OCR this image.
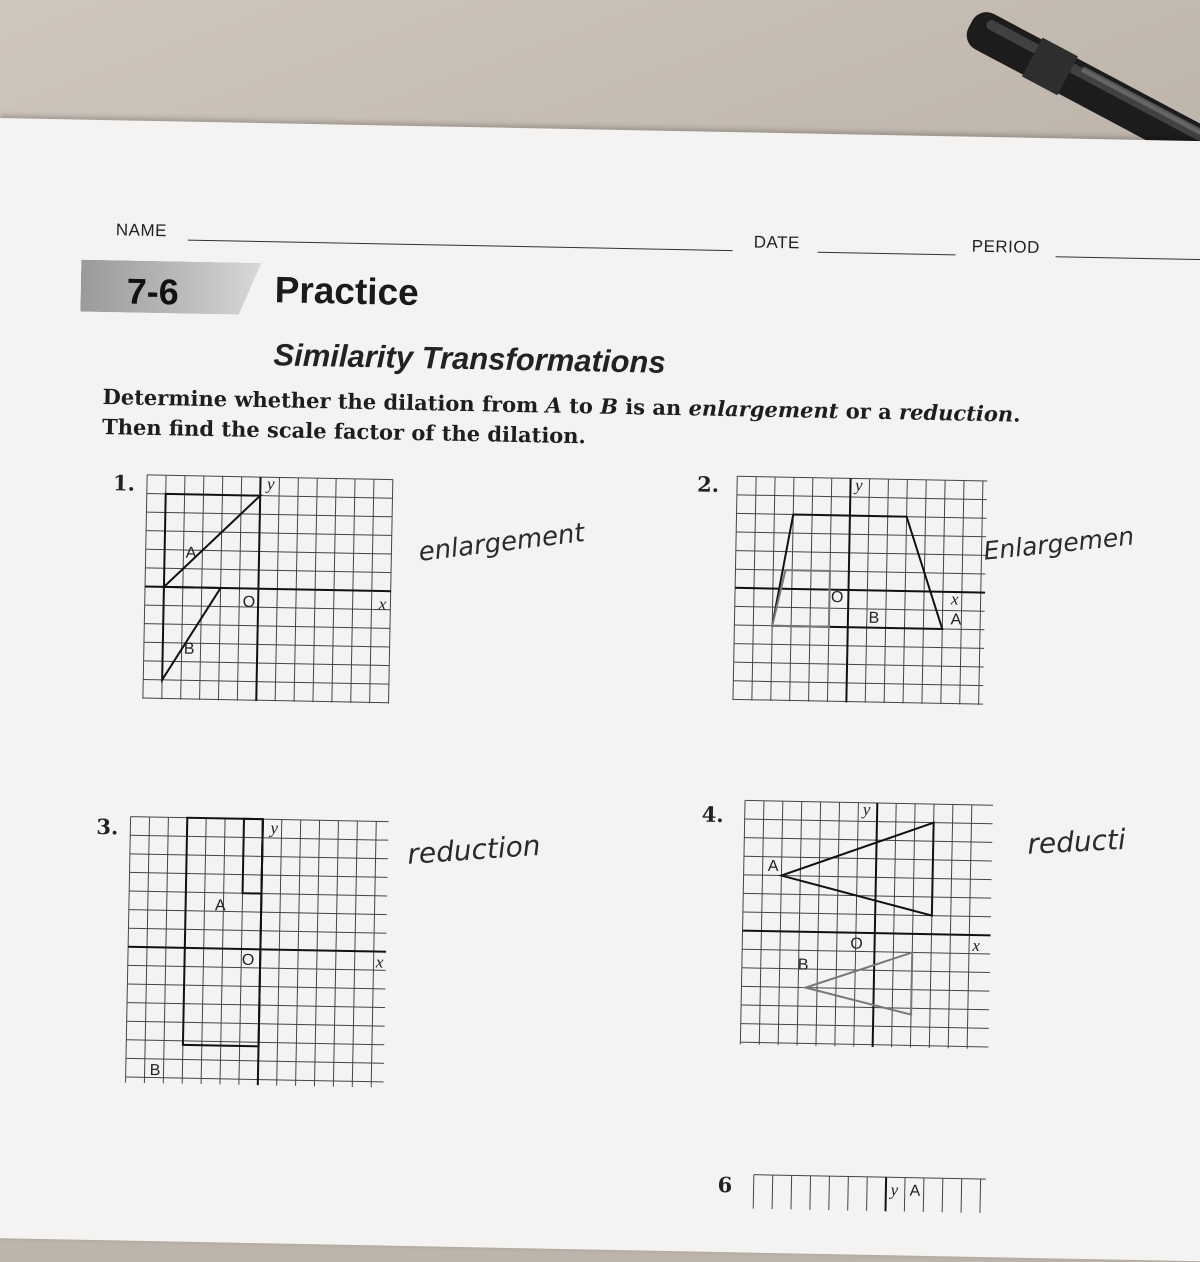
NAME
DATE	PERIOD
7-6	Practice
Similarity Transformations
Determine whether the dilation from A to B is an enlargement or a reduction.
Then find the scale factor of the dilation.
1.	y
x
O
A
B
enlargement
2.	y
x
O
A
B
Enlargemen
3.	y
x
O
A
B
reduction
4.	y
x
O
A
B
reducti
6	y A
